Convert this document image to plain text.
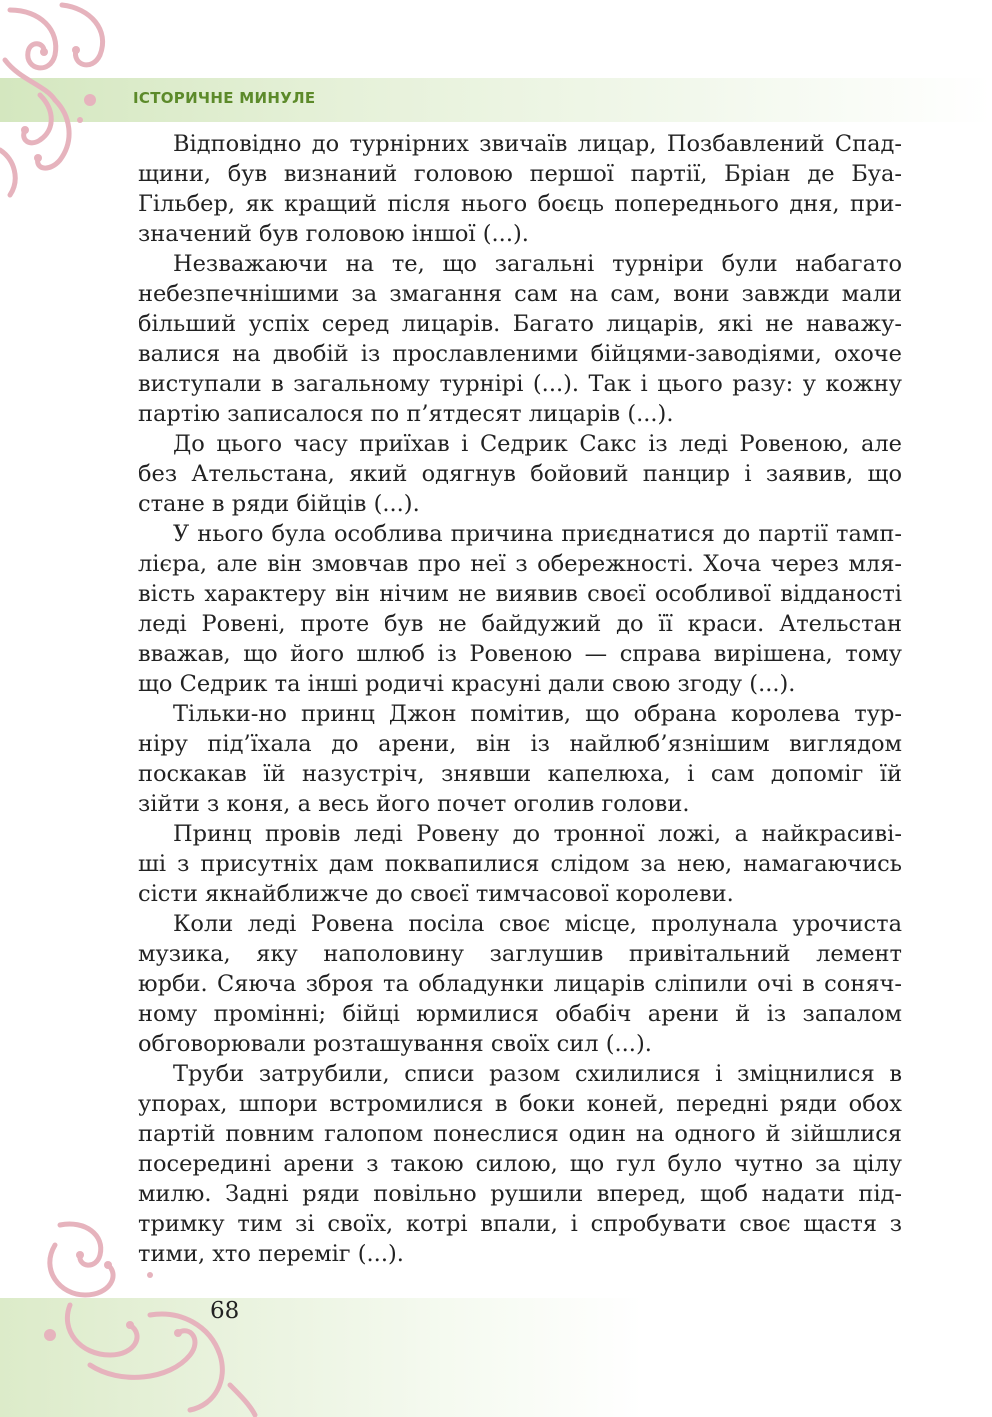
ІСТОРИЧНЕ МИНУЛЕ

Відповідно до турнірних звичаїв лицар, Позбавлений Спад-
щини, був визнаний головою першої партії, Бріан де Буа-
Гільбер, як кращий після нього боєць попереднього дня, при-
значений був головою іншої (...).

Незважаючи на те, що загальні турніри були набагато
небезпечнішими за змагання сам на сам, вони завжди мали
більший успіх серед лицарів. Багато лицарів, які не наважу-
валися на двобій із прославленими бійцями-заводіями, охоче
виступали в загальному турнірі (...). Так і цього разу: у кожну
партію записалося по п’ятдесят лицарів (...).

До цього часу приїхав і Седрик Сакс із леді Ровеною, але
без Ательстана, який одягнув бойовий панцир і заявив, що
стане в ряди бійців (...).

У нього була особлива причина приєднатися до партії тамп-
лієра, але він змовчав про неї з обережності. Хоча через мля-
вість характеру він нічим не виявив своєї особливої відданості
леді Ровені, проте був не байдужий до її краси. Ательстан
вважав, що його шлюб із Ровеною — справа вирішена, тому
що Седрик та інші родичі красуні дали свою згоду (...).

Тільки-но принц Джон помітив, що обрана королева тур-
ніру під’їхала до арени, він із найлюб’язнішим виглядом
поскакав їй назустріч, знявши капелюха, і сам допоміг їй
зійти з коня, а весь його почет оголив голови.

Принц провів леді Ровену до тронної ложі, а найкрасиві-
ші з присутніх дам поквапилися слідом за нею, намагаючись
сісти якнайближче до своєї тимчасової королеви.

Коли леді Ровена посіла своє місце, пролунала урочиста
музика, яку наполовину заглушив привітальний лемент
юрби. Сяюча зброя та обладунки лицарів сліпили очі в соняч-
ному промінні; бійці юрмилися обабіч арени й із запалом
обговорювали розташування своїх сил (...).

Труби затрубили, списи разом схилилися і зміцнилися в
упорах, шпори встромилися в боки коней, передні ряди обох
партій повним галопом понеслися один на одного й зійшлися
посередині арени з такою силою, що гул було чутно за цілу
милю. Задні ряди повільно рушили вперед, щоб надати під-
тримку тим зі своїх, котрі впали, і спробувати своє щастя з
тими, хто переміг (...).

68
